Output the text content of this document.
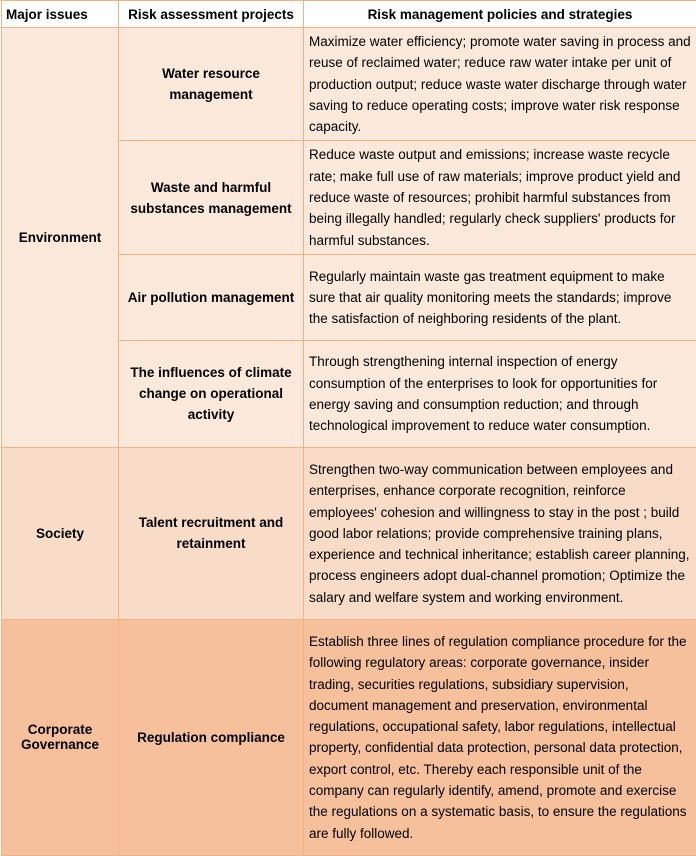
Major issues	Risk assessment projects	Risk management policies and strategies
Environment	Water resource management	Maximize water efficiency; promote water saving in process and reuse of reclaimed water; reduce raw water intake per unit of production output; reduce waste water discharge through water saving to reduce operating costs; improve water risk response capacity.
	Waste and harmful substances management	Reduce waste output and emissions; increase waste recycle rate; make full use of raw materials; improve product yield and reduce waste of resources; prohibit harmful substances from being illegally handled; regularly check suppliers' products for harmful substances.
	Air pollution management	Regularly maintain waste gas treatment equipment to make sure that air quality monitoring meets the standards; improve the satisfaction of neighboring residents of the plant.
	The influences of climate change on operational activity	Through strengthening internal inspection of energy consumption of the enterprises to look for opportunities for energy saving and consumption reduction; and through technological improvement to reduce water consumption.
Society	Talent recruitment and retainment	Strengthen two-way communication between employees and enterprises, enhance corporate recognition, reinforce employees' cohesion and willingness to stay in the post ; build good labor relations; provide comprehensive training plans, experience and technical inheritance; establish career planning, process engineers adopt dual-channel promotion; Optimize the salary and welfare system and working environment.
Corporate Governance	Regulation compliance	Establish three lines of regulation compliance procedure for the following regulatory areas: corporate governance, insider trading, securities regulations, subsidiary supervision, document management and preservation, environmental regulations, occupational safety, labor regulations, intellectual property, confidential data protection, personal data protection, export control, etc. Thereby each responsible unit of the company can regularly identify, amend, promote and exercise the regulations on a systematic basis, to ensure the regulations are fully followed.
